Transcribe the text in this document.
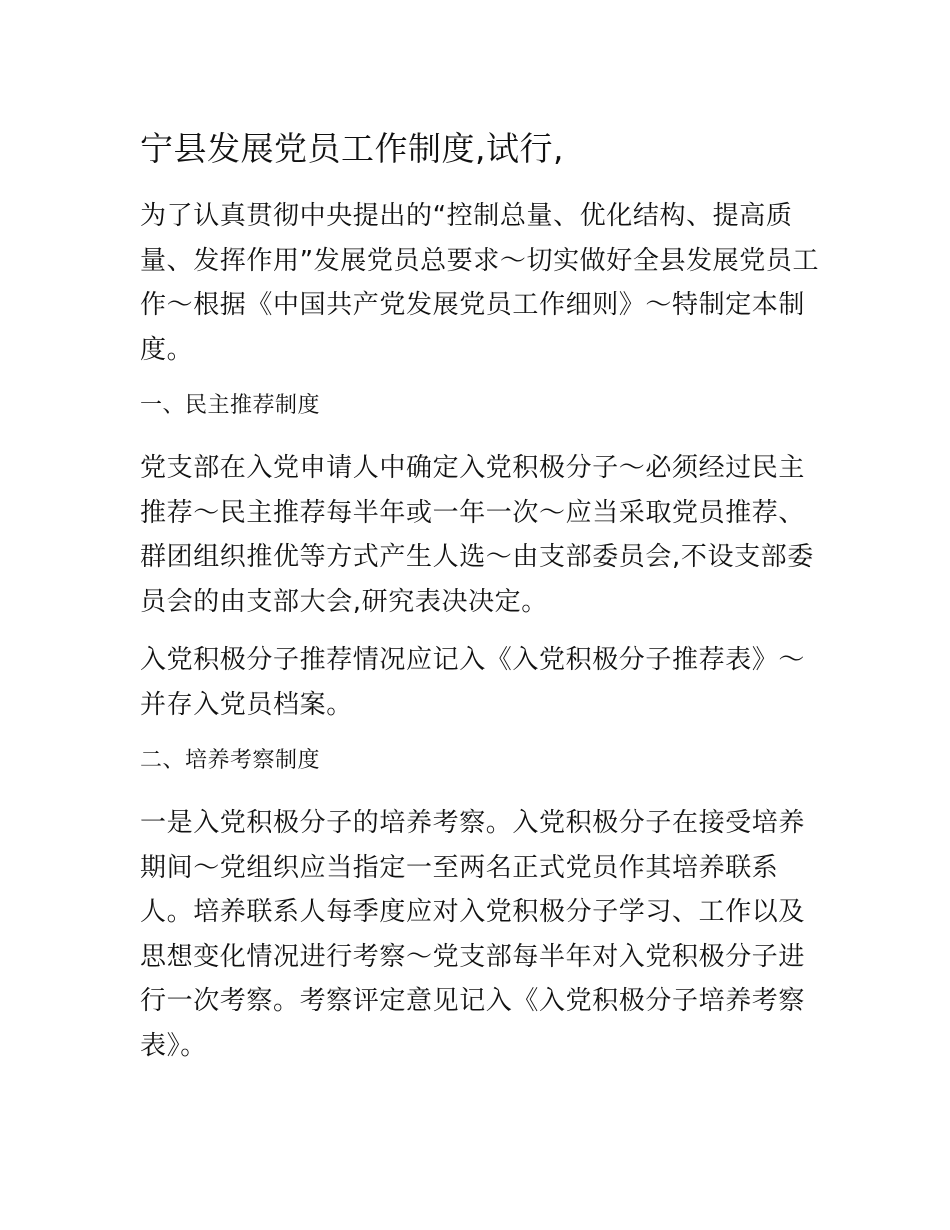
宁县发展党员工作制度,试行,

为了认真贯彻中央提出的“控制总量、优化结构、提高质量、发挥作用”发展党员总要求～切实做好全县发展党员工作～根据《中国共产党发展党员工作细则》～特制定本制度。

一、民主推荐制度

党支部在入党申请人中确定入党积极分子～必须经过民主推荐～民主推荐每半年或一年一次～应当采取党员推荐、群团组织推优等方式产生人选～由支部委员会,不设支部委员会的由支部大会,研究表决决定。

入党积极分子推荐情况应记入《入党积极分子推荐表》～并存入党员档案。

二、培养考察制度

一是入党积极分子的培养考察。入党积极分子在接受培养期间～党组织应当指定一至两名正式党员作其培养联系人。培养联系人每季度应对入党积极分子学习、工作以及思想变化情况进行考察～党支部每半年对入党积极分子进行一次考察。考察评定意见记入《入党积极分子培养考察表》。
